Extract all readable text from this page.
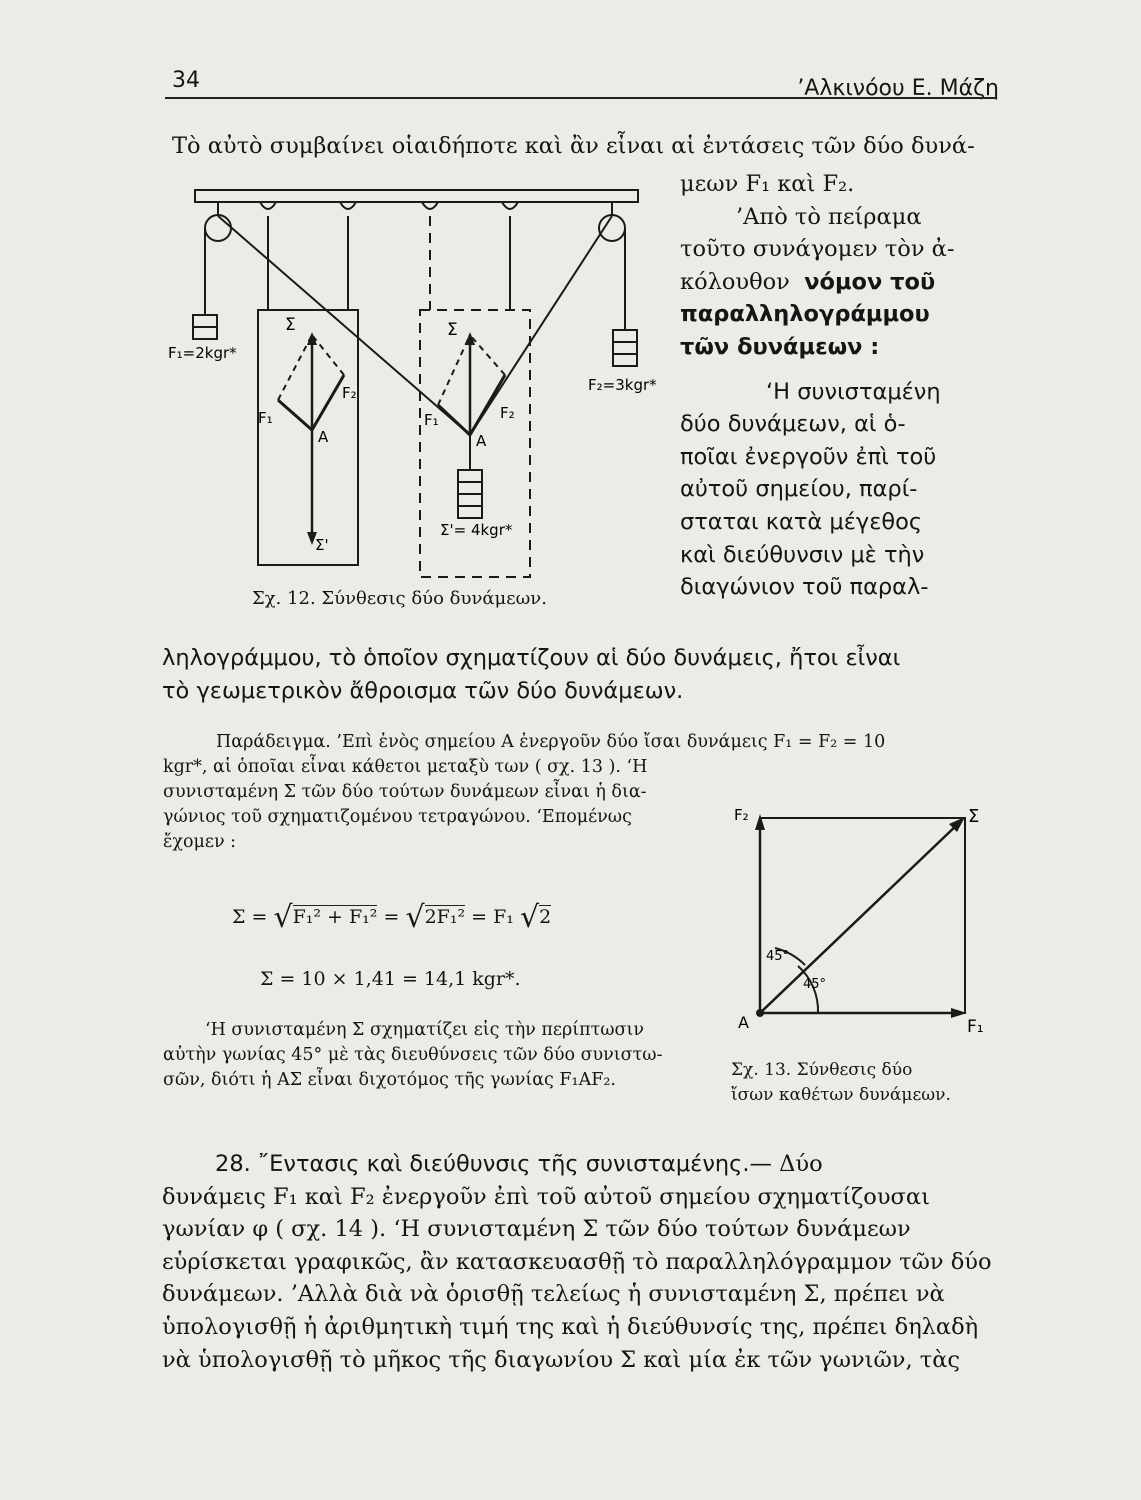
34	’Αλκινόου Ε. Μάζη
Τὸ αὐτὸ συμβαίνει οἱαιδήποτε καὶ ἂν εἶναι αἱ ἐντάσεις τῶν δύο δυνά-
μεων F₁ καὶ F₂.
’Απὸ τὸ πείραμα
τοῦτο συνάγομεν τὸν ἀ-
κόλουθον νόμον τοῦ
παραλληλογράμμου
τῶν δυνάμεων :
‘Η συνισταμένη
δύο δυνάμεων, αἱ ὁ-
ποῖαι ἐνεργοῦν ἐπὶ τοῦ
αὐτοῦ σημείου, παρί-
σταται κατὰ μέγεθος
καὶ διεύθυνσιν μὲ τὴν
διαγώνιον τοῦ παραλ-
Σ	Σ
F₁
F₂
Α
F₁	F₂
Α
Σ'
F₁=2kgr*
F₂=3kgr*
Σ'= 4kgr*
Σχ. 12. Σύνθεσις δύο δυνάμεων.
ληλογράμμου, τὸ ὁποῖον σχηματίζουν αἱ δύο δυνάμεις, ἤτοι εἶναι
τὸ γεωμετρικὸν ἄθροισμα τῶν δύο δυνάμεων.
Παράδειγμα. ’Επὶ ἑνὸς σημείου Α ἐνεργοῦν δύο ἴσαι δυνάμεις F₁ = F₂ = 10
kgr*, αἱ ὁποῖαι εἶναι κάθετοι μεταξὺ των ( σχ. 13 ). ‘Η
συνισταμένη Σ τῶν δύο τούτων δυνάμεων εἶναι ἡ δια-
γώνιος τοῦ σχηματιζομένου τετραγώνου. ‘Επομένως
ἔχομεν :
Σ = √F₁² + F₁² = √2F₁² = F₁ √2
Σ = 10 × 1,41 = 14,1 kgr*.
‘Η συνισταμένη Σ σχηματίζει εἰς τὴν περίπτωσιν
αὐτὴν γωνίας 45° μὲ τὰς διευθύνσεις τῶν δύο συνιστω-
σῶν, διότι ἡ ΑΣ εἶναι διχοτόμος τῆς γωνίας F₁AF₂.
F₂	Σ
Α	F₁
45°
45°
Σχ. 13. Σύνθεσις δύο
ἴσων καθέτων δυνάμεων.
28. ῎Εντασις καὶ διεύθυνσις τῆς συνισταμένης.— Δύο
δυνάμεις F₁ καὶ F₂ ἐνεργοῦν ἐπὶ τοῦ αὐτοῦ σημείου σχηματίζουσαι
γωνίαν φ ( σχ. 14 ). ‘Η συνισταμένη Σ τῶν δύο τούτων δυνάμεων
εὑρίσκεται γραφικῶς, ἂν κατασκευασθῇ τὸ παραλληλόγραμμον τῶν δύο
δυνάμεων. ’Αλλὰ διὰ νὰ ὁρισθῇ τελείως ἡ συνισταμένη Σ, πρέπει νὰ
ὑπολογισθῇ ἡ ἀριθμητικὴ τιμή της καὶ ἡ διεύθυνσίς της, πρέπει δηλαδὴ
νὰ ὑπολογισθῇ τὸ μῆκος τῆς διαγωνίου Σ καὶ μία ἐκ τῶν γωνιῶν, τὰς
